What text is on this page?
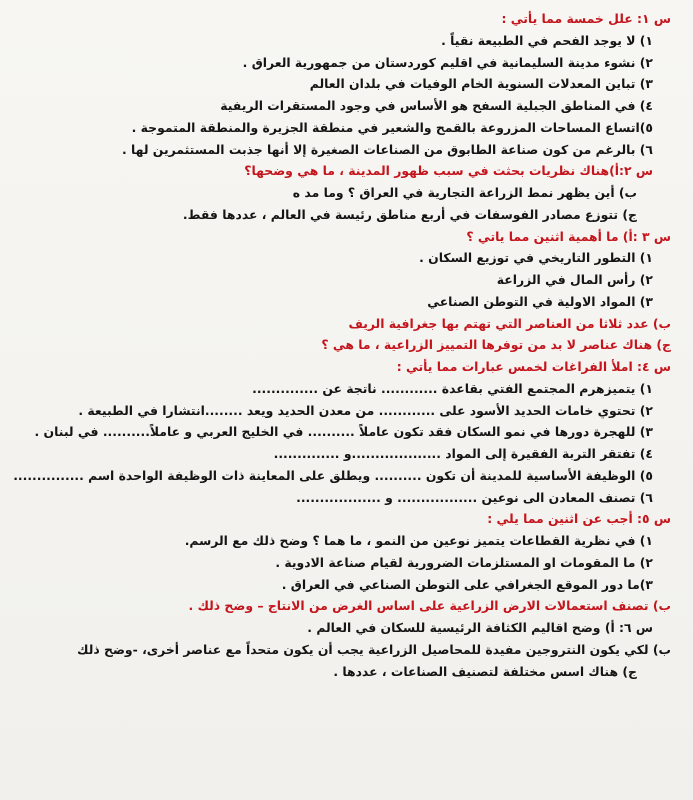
س ١: علل خمسة مما يأتي :
١) لا يوجد الفحم في الطبيعة نقياً .
٢) نشوء مدينة السليمانية في اقليم كوردستان من جمهورية العراق .
٣) تباين المعدلات السنوية الخام الوفيات في بلدان العالم
٤) في المناطق الجبلية السفح هو الأساس في وجود المستقرات الريفية
٥)اتساع المساحات المزروعة بالقمح والشعير في منطقة الجزيرة والمنطقة المتموجة .
٦) بالرغم من كون صناعة الطابوق من الصناعات الصغيرة إلا أنها جذبت المستثمرين لها .
س ٢:أ)هناك نظريات بحثت في سبب ظهور المدينة ، ما هي وضحها؟
ب) أين يظهر نمط الزراعة التجارية في العراق ؟ وما مد ه
ج) تتوزع مصادر الفوسفات في أربع مناطق رئيسة في العالم ، عددها فقط.
س ٣ :أ) ما أهمية اثنين مما ياتي ؟
١) التطور التاريخي في توزيع السكان .
٢) رأس المال في الزراعة
٣) المواد الاولية في التوطن الصناعي
ب) عدد ثلاثا من العناصر التي تهتم بها جغرافية الريف
ج) هناك عناصر لا بد من توفرها التمييز الزراعية ، ما هي ؟
س ٤: املأ الفراغات لخمس عبارات مما يأتي :
١) يتميزهرم المجتمع الفتي بقاعدة ............ ناتجة عن ..............
٢) تحتوي خامات الحديد الأسود على ............ من معدن الحديد ويعد ........انتشارا في الطبيعة .
٣) للهجرة دورها في نمو السكان فقد تكون عاملاً .......... في الخليج العربي و عاملاً.......... في لبنان .
٤) تفتقر التربة الفقيرة إلى المواد ...................و ..............
٥) الوظيفة الأساسية للمدينة أن تكون .......... ويطلق على المعاينة ذات الوظيفة الواحدة اسم ...............
٦) تصنف المعادن الى نوعين ................. و ..................
س ٥: أجب عن اثنين مما يلي :
١) في نظرية القطاعات يتميز نوعين من النمو ، ما هما ؟ وضح ذلك مع الرسم.
٢) ما المقومات او المستلزمات الضرورية لقيام صناعة الادوية .
٣)ما دور الموقع الجغرافي على التوطن الصناعي في العراق .
ب) تصنف استعمالات الارض الزراعية على اساس الغرض من الانتاج – وضح ذلك .
س ٦: أ) وضح اقاليم الكثافة الرئيسية للسكان في العالم .
ب) لكي يكون النتروجين مفيدة للمحاصيل الزراعية يجب أن يكون متحداً مع عناصر أخرى، -وضح ذلك
ج) هناك اسس مختلفة لتصنيف الصناعات ، عددها .
